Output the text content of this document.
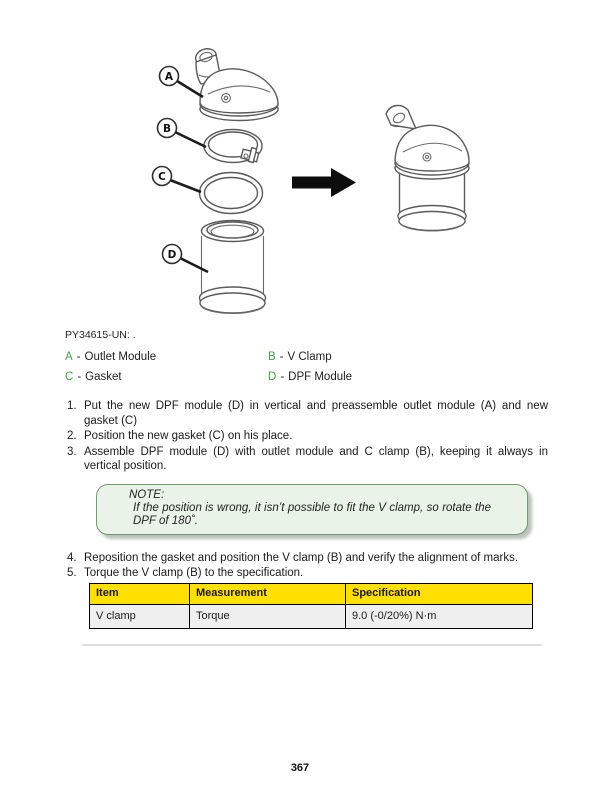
A
B
C
D
PY34615-UN: .
A - Outlet Module	B - V Clamp
C - Gasket	D - DPF Module
1. Put the new DPF module (D) in vertical and preassemble outlet module (A) and new gasket (C)
2. Position the new gasket (C) on his place.
3. Assemble DPF module (D) with outlet module and C clamp (B), keeping it always in vertical position.
NOTE:
If the position is wrong, it isn’t possible to fit the V clamp, so rotate the DPF of 180˚.
4. Reposition the gasket and position the V clamp (B) and verify the alignment of marks.
5. Torque the V clamp (B) to the specification.
Item	Measurement	Specification
V clamp	Torque	9.0 (-0/20%) N·m
367
